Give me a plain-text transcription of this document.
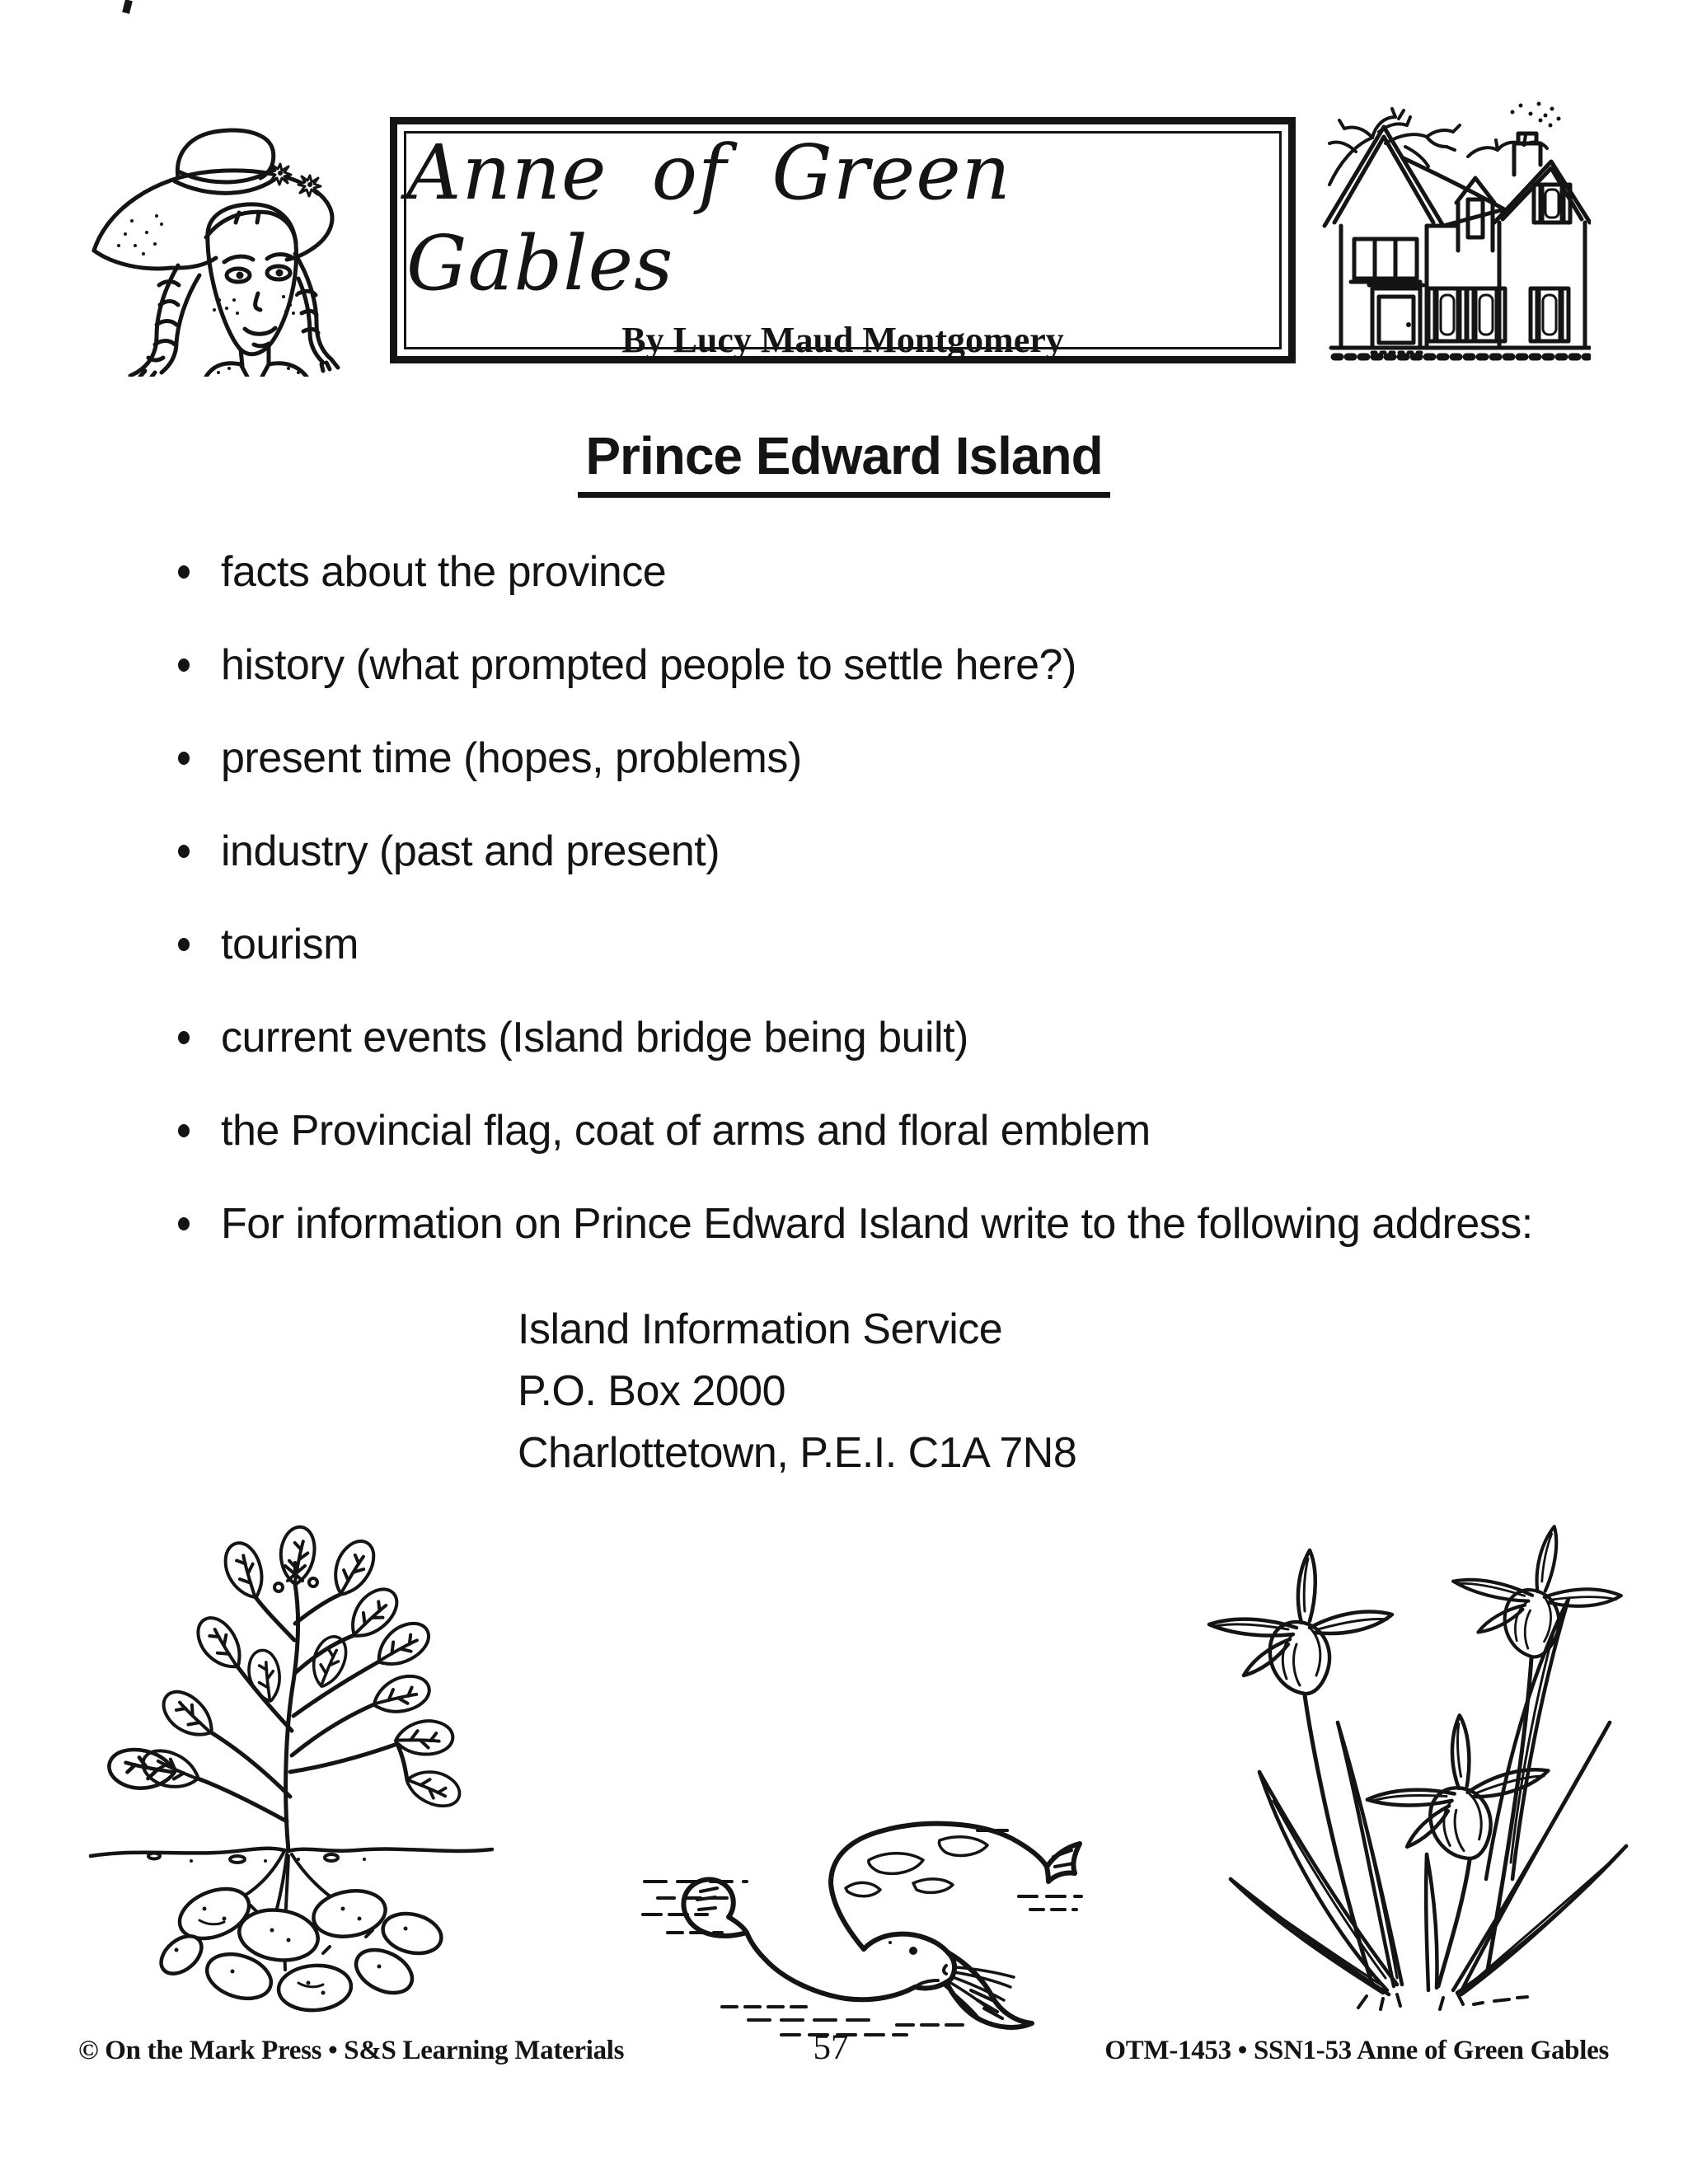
Anne of Green Gables
By Lucy Maud Montgomery
Prince Edward Island
facts about the province
history (what prompted people to settle here?)
present time (hopes, problems)
industry (past and present)
tourism
current events (Island bridge being built)
the Provincial flag, coat of arms and floral emblem
For information on Prince Edward Island write to the following address:
Island Information Service
P.O. Box 2000
Charlottetown, P.E.I. C1A 7N8
© On the Mark Press • S&S Learning Materials	57	OTM-1453 • SSN1-53 Anne of Green Gables
